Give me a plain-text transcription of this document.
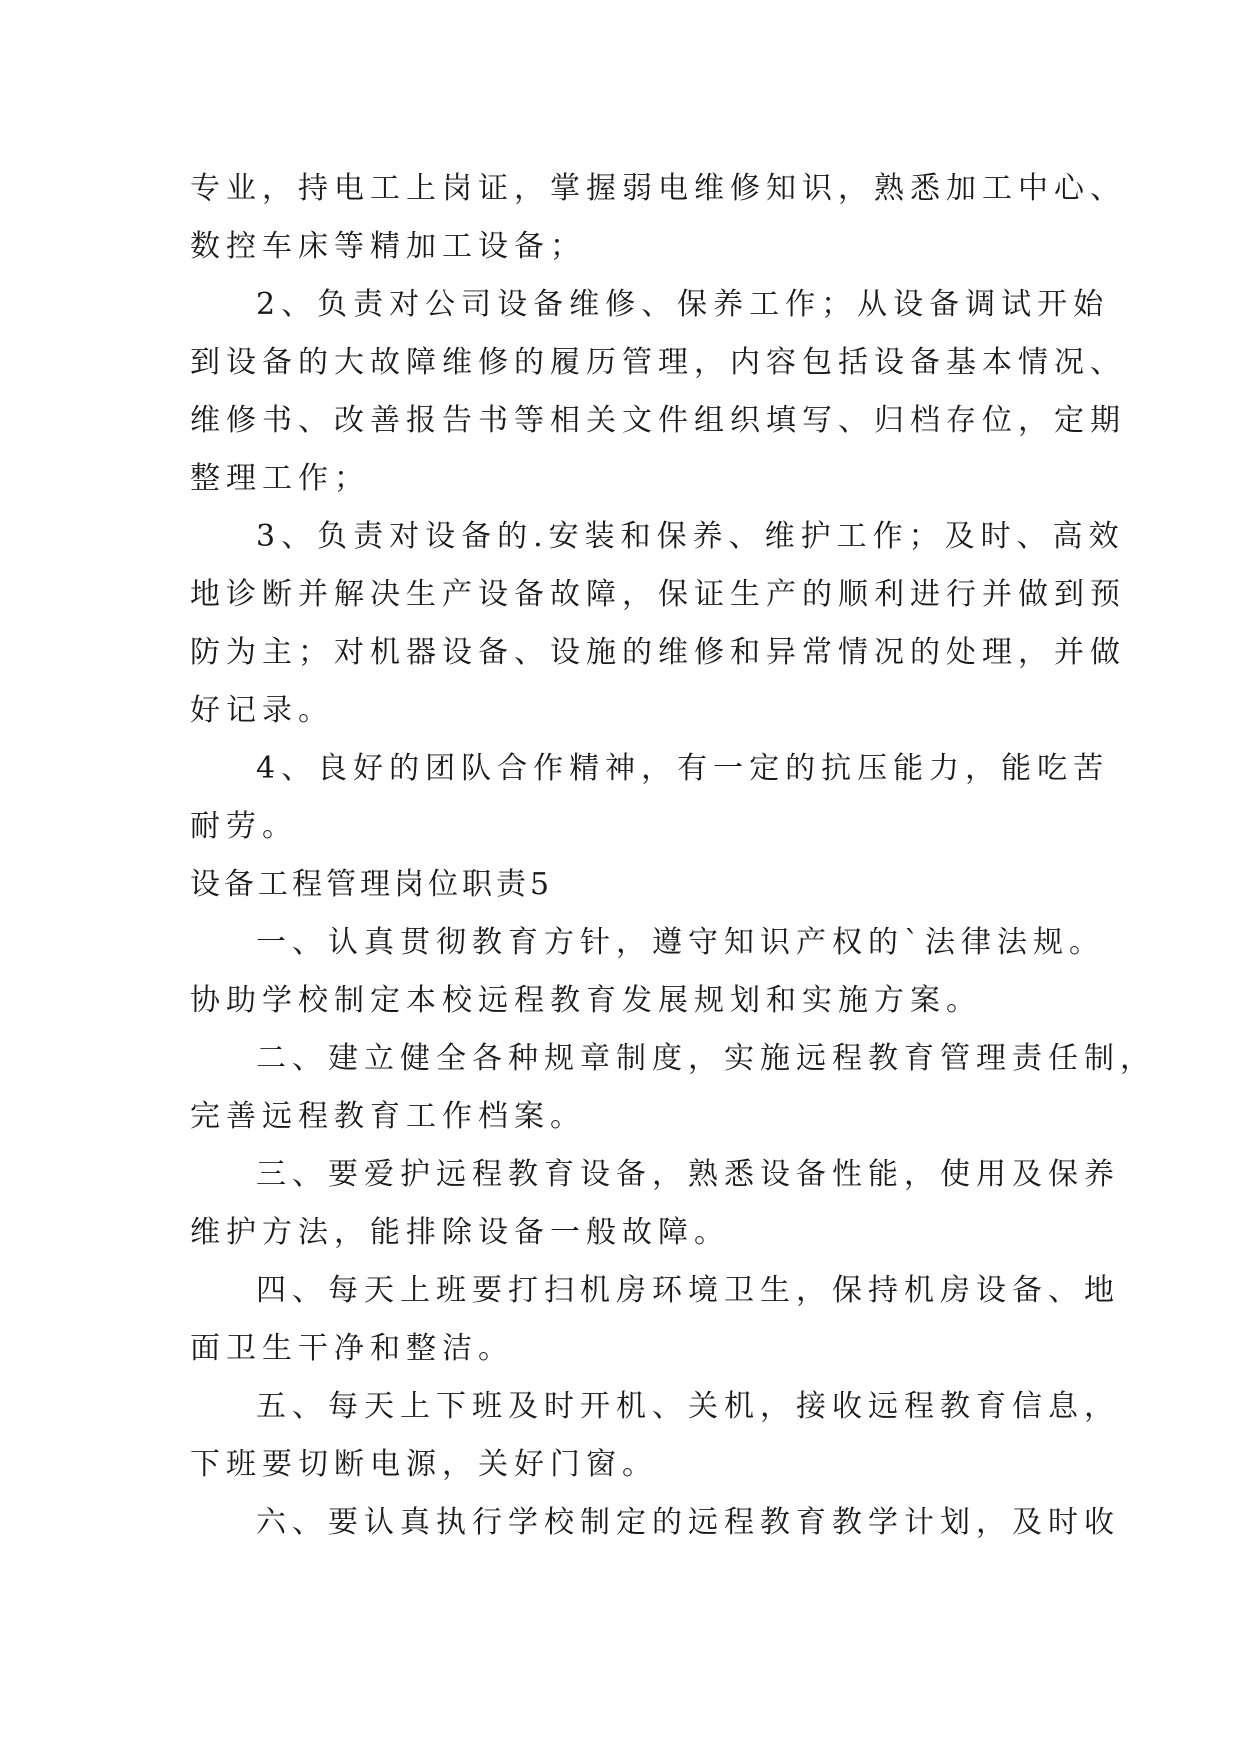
专业，持电工上岗证，掌握弱电维修知识，熟悉加工中心、
数控车床等精加工设备；
2、负责对公司设备维修、保养工作；从设备调试开始
到设备的大故障维修的履历管理，内容包括设备基本情况、
维修书、改善报告书等相关文件组织填写、归档存位，定期
整理工作；
3、负责对设备的.安装和保养、维护工作；及时、高效
地诊断并解决生产设备故障，保证生产的顺利进行并做到预
防为主；对机器设备、设施的维修和异常情况的处理，并做
好记录。
4、良好的团队合作精神，有一定的抗压能力，能吃苦
耐劳。
设备工程管理岗位职责5
一、认真贯彻教育方针，遵守知识产权的`法律法规。
协助学校制定本校远程教育发展规划和实施方案。
二、建立健全各种规章制度，实施远程教育管理责任制，
完善远程教育工作档案。
三、要爱护远程教育设备，熟悉设备性能，使用及保养
维护方法，能排除设备一般故障。
四、每天上班要打扫机房环境卫生，保持机房设备、地
面卫生干净和整洁。
五、每天上下班及时开机、关机，接收远程教育信息，
下班要切断电源，关好门窗。
六、要认真执行学校制定的远程教育教学计划，及时收
